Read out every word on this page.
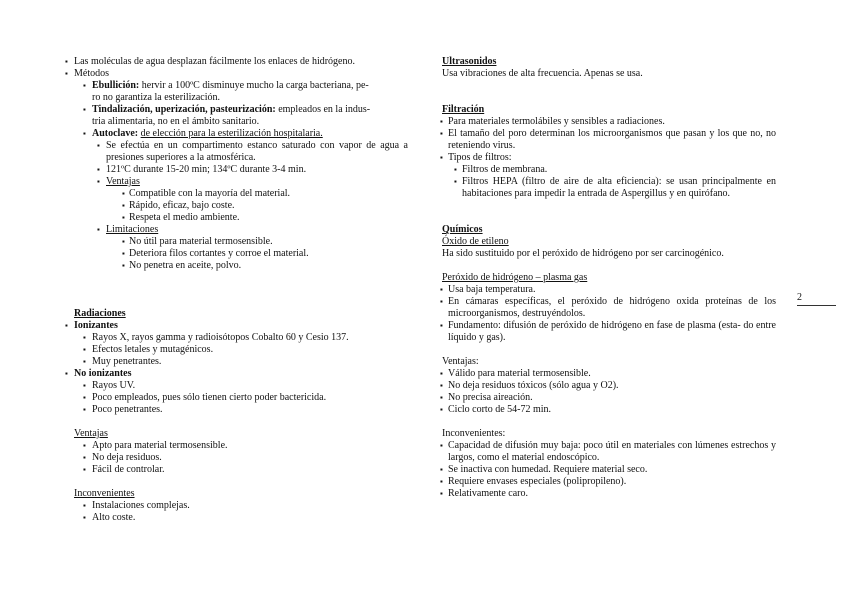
▪ Las moléculas de agua desplazan fácilmente los enlaces de hidrógeno.
▪ Métodos
▪ Ebullición: hervir a 100ºC disminuye mucho la carga bacteriana, pe-
ro no garantiza la esterilización.
▪ Tindalización, uperización, pasteurización: empleados en la indus-
tria alimentaria, no en el ámbito sanitario.
▪ Autoclave: de elección para la esterilización hospitalaria.
▪ Se efectúa en un compartimento estanco saturado con vapor de agua a presiones superiores a la atmosférica.
▪ 121ºC durante 15-20 min; 134ºC durante 3-4 min.
▪ Ventajas
▪ Compatible con la mayoría del material.
▪ Rápido, eficaz, bajo coste.
▪ Respeta el medio ambiente.
▪ Limitaciones
▪ No útil para material termosensible.
▪ Deteriora filos cortantes y corroe el material.
▪ No penetra en aceite, polvo.
Radiaciones
▪ Ionizantes
▪ Rayos X, rayos gamma y radioisótopos Cobalto 60 y Cesio 137.
▪ Efectos letales y mutagénicos.
▪ Muy penetrantes.
▪ No ionizantes
▪ Rayos UV.
▪ Poco empleados, pues sólo tienen cierto poder bactericida.
▪ Poco penetrantes.
Ventajas
▪ Apto para material termosensible.
▪ No deja residuos.
▪ Fácil de controlar.
Inconvenientes
▪ Instalaciones complejas.
▪ Alto coste.
Ultrasonidos
Usa vibraciones de alta frecuencia. Apenas se usa.
Filtración
▪ Para materiales termolábiles y sensibles a radiaciones.
▪ El tamaño del poro determinan los microorganismos que pasan y los que no, no reteniendo virus.
▪ Tipos de filtros:
▪ Filtros de membrana.
▪ Filtros HEPA (filtro de aire de alta eficiencia): se usan principalmente en habitaciones para impedir la entrada de Aspergillus y en quirófano.
Químicos
Óxido de etileno
Ha sido sustituido por el peróxido de hidrógeno por ser carcinogénico.
Peróxido de hidrógeno – plasma gas
▪ Usa baja temperatura.
▪ En cámaras específicas, el peróxido de hidrógeno oxida proteínas de los microorganismos, destruyéndolos.
▪ Fundamento: difusión de peróxido de hidrógeno en fase de plasma (esta- do entre líquido y gas).
Ventajas:
▪ Válido para material termosensible.
▪ No deja residuos tóxicos (sólo agua y O2).
▪ No precisa aireación.
▪ Ciclo corto de 54-72 min.
Inconvenientes:
▪ Capacidad de difusión muy baja: poco útil en materiales con lúmenes estrechos y largos, como el material endoscópico.
▪ Se inactiva con humedad. Requiere material seco.
▪ Requiere envases especiales (polipropileno).
▪ Relativamente caro.
2
